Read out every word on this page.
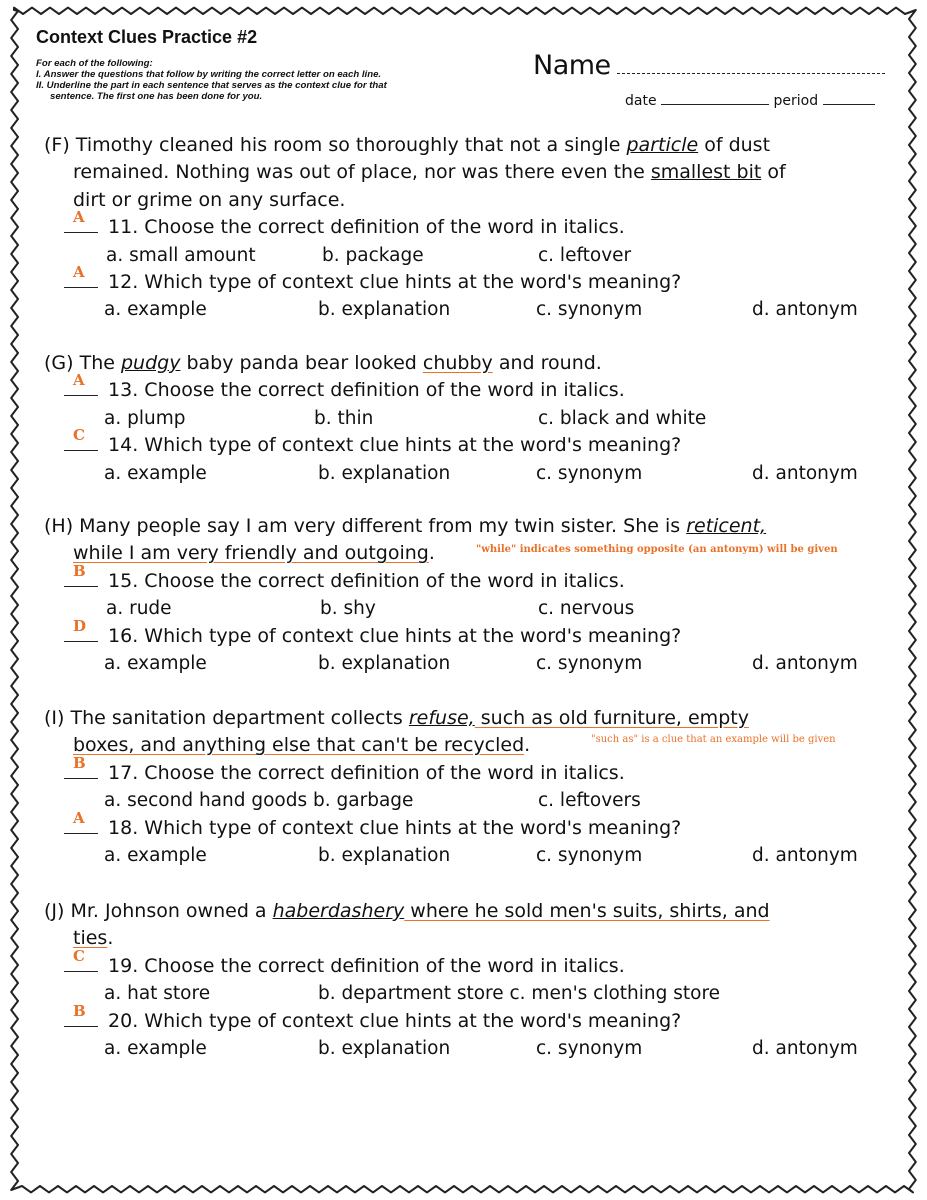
Context Clues Practice #2
For each of the following:
I. Answer the questions that follow by writing the correct letter on each line.
II. Underline the part in each sentence that serves as the context clue for that
sentence. The first one has been done for you.
Name
date	period
(F) Timothy cleaned his room so thoroughly that not a single particle of dust
remained. Nothing was out of place, nor was there even the smallest bit of
dirt or grime on any surface.
A 11. Choose the correct definition of the word in italics.
a. small amount	b. package	c. leftover
A 12. Which type of context clue hints at the word's meaning?
a. example	b. explanation	c. synonym	d. antonym
(G) The pudgy baby panda bear looked chubby and round.
A 13. Choose the correct definition of the word in italics.
a. plump	b. thin	c. black and white
C 14. Which type of context clue hints at the word's meaning?
a. example	b. explanation	c. synonym	d. antonym
(H) Many people say I am very different from my twin sister. She is reticent,
while I am very friendly and outgoing.	"while" indicates something opposite (an antonym) will be given
B 15. Choose the correct definition of the word in italics.
a. rude	b. shy	c. nervous
D 16. Which type of context clue hints at the word's meaning?
a. example	b. explanation	c. synonym	d. antonym
(I) The sanitation department collects refuse, such as old furniture, empty
boxes, and anything else that can't be recycled.	"such as" is a clue that an example will be given
B 17. Choose the correct definition of the word in italics.
a. second hand goods b. garbage	c. leftovers
A 18. Which type of context clue hints at the word's meaning?
a. example	b. explanation	c. synonym	d. antonym
(J) Mr. Johnson owned a haberdashery where he sold men's suits, shirts, and
ties.
C 19. Choose the correct definition of the word in italics.
a. hat store	b. department store c. men's clothing store
B 20. Which type of context clue hints at the word's meaning?
a. example	b. explanation	c. synonym	d. antonym
